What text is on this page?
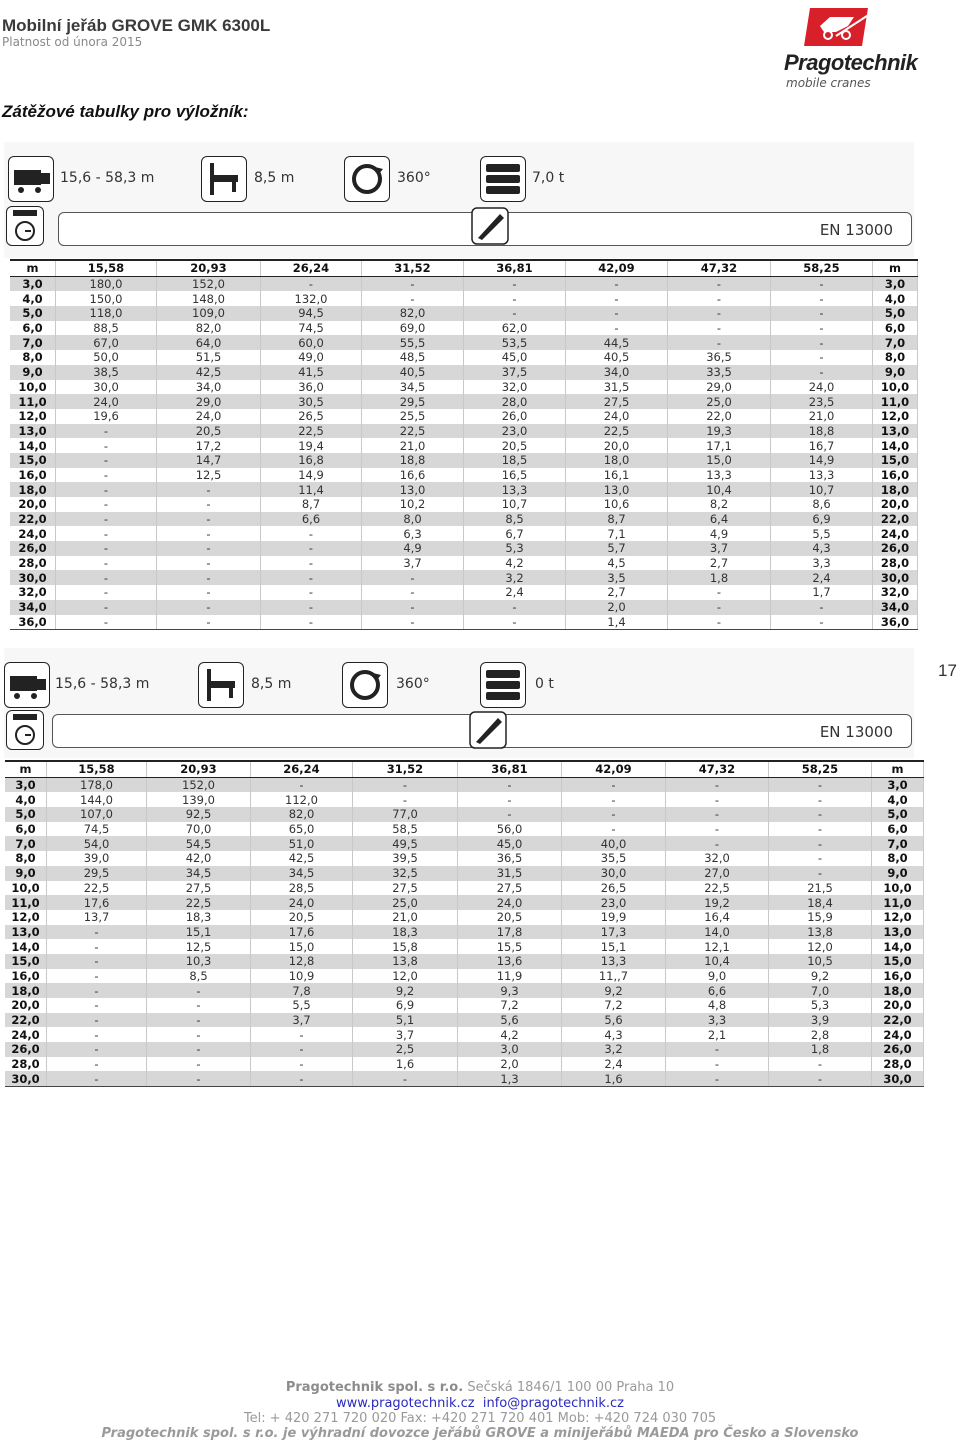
Mobilní jeřáb GROVE GMK 6300L
Platnost od února 2015
Pragotechnik
mobile cranes
Zátěžové tabulky pro výložník:
17
15,6 - 58,3 m	8,5 m	360°	7,0 t
EN 13000
m	15,58	20,93	26,24	31,52	36,81	42,09	47,32	58,25	m
3,0	180,0	152,0	-	-	-	-	-	-	3,0
4,0	150,0	148,0	132,0	-	-	-	-	-	4,0
5,0	118,0	109,0	94,5	82,0	-	-	-	-	5,0
6,0	88,5	82,0	74,5	69,0	62,0	-	-	-	6,0
7,0	67,0	64,0	60,0	55,5	53,5	44,5	-	-	7,0
8,0	50,0	51,5	49,0	48,5	45,0	40,5	36,5	-	8,0
9,0	38,5	42,5	41,5	40,5	37,5	34,0	33,5	-	9,0
10,0	30,0	34,0	36,0	34,5	32,0	31,5	29,0	24,0	10,0
11,0	24,0	29,0	30,5	29,5	28,0	27,5	25,0	23,5	11,0
12,0	19,6	24,0	26,5	25,5	26,0	24,0	22,0	21,0	12,0
13,0	-	20,5	22,5	22,5	23,0	22,5	19,3	18,8	13,0
14,0	-	17,2	19,4	21,0	20,5	20,0	17,1	16,7	14,0
15,0	-	14,7	16,8	18,8	18,5	18,0	15,0	14,9	15,0
16,0	-	12,5	14,9	16,6	16,5	16,1	13,3	13,3	16,0
18,0	-	-	11,4	13,0	13,3	13,0	10,4	10,7	18,0
20,0	-	-	8,7	10,2	10,7	10,6	8,2	8,6	20,0
22,0	-	-	6,6	8,0	8,5	8,7	6,4	6,9	22,0
24,0	-	-	-	6,3	6,7	7,1	4,9	5,5	24,0
26,0	-	-	-	4,9	5,3	5,7	3,7	4,3	26,0
28,0	-	-	-	3,7	4,2	4,5	2,7	3,3	28,0
30,0	-	-	-	-	3,2	3,5	1,8	2,4	30,0
32,0	-	-	-	-	2,4	2,7	-	1,7	32,0
34,0	-	-	-	-	-	2,0	-	-	34,0
36,0	-	-	-	-	-	1,4	-	-	36,0
15,6 - 58,3 m	8,5 m	360°	0 t
EN 13000
m	15,58	20,93	26,24	31,52	36,81	42,09	47,32	58,25	m
3,0	178,0	152,0	-	-	-	-	-	-	3,0
4,0	144,0	139,0	112,0	-	-	-	-	-	4,0
5,0	107,0	92,5	82,0	77,0	-	-	-	-	5,0
6,0	74,5	70,0	65,0	58,5	56,0	-	-	-	6,0
7,0	54,0	54,5	51,0	49,5	45,0	40,0	-	-	7,0
8,0	39,0	42,0	42,5	39,5	36,5	35,5	32,0	-	8,0
9,0	29,5	34,5	34,5	32,5	31,5	30,0	27,0	-	9,0
10,0	22,5	27,5	28,5	27,5	27,5	26,5	22,5	21,5	10,0
11,0	17,6	22,5	24,0	25,0	24,0	23,0	19,2	18,4	11,0
12,0	13,7	18,3	20,5	21,0	20,5	19,9	16,4	15,9	12,0
13,0	-	15,1	17,6	18,3	17,8	17,3	14,0	13,8	13,0
14,0	-	12,5	15,0	15,8	15,5	15,1	12,1	12,0	14,0
15,0	-	10,3	12,8	13,8	13,6	13,3	10,4	10,5	15,0
16,0	-	8,5	10,9	12,0	11,9	11,,7	9,0	9,2	16,0
18,0	-	-	7,8	9,2	9,3	9,2	6,6	7,0	18,0
20,0	-	-	5,5	6,9	7,2	7,2	4,8	5,3	20,0
22,0	-	-	3,7	5,1	5,6	5,6	3,3	3,9	22,0
24,0	-	-	-	3,7	4,2	4,3	2,1	2,8	24,0
26,0	-	-	-	2,5	3,0	3,2	-	1,8	26,0
28,0	-	-	-	1,6	2,0	2,4	-	-	28,0
30,0	-	-	-	-	1,3	1,6	-	-	30,0
Pragotechnik spol. s r.o. Sečská 1846/1 100 00 Praha 10
www.pragotechnik.cz info@pragotechnik.cz
Tel: + 420 271 720 020 Fax: +420 271 720 401 Mob: +420 724 030 705
Pragotechnik spol. s r.o. je výhradní dovozce jeřábů GROVE a minijeřábů MAEDA pro Česko a Slovensko
